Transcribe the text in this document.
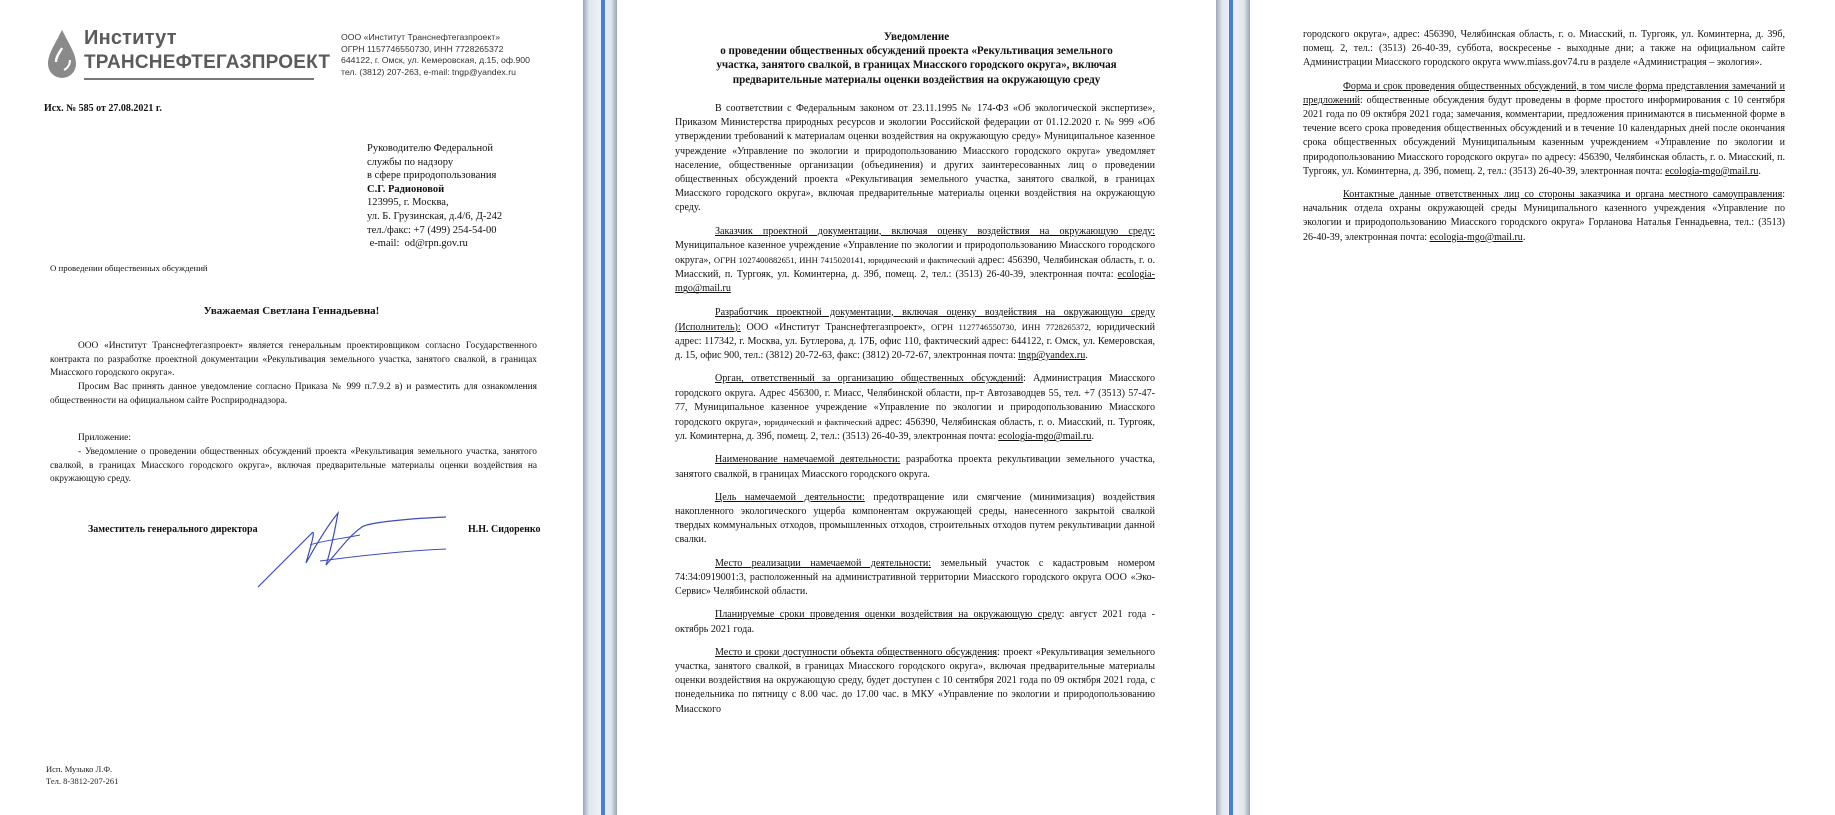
Институт
ТРАНСНЕФТЕГАЗПРОЕКТ
ООО «Институт Транснефтегазпроект»
ОГРН 1157746550730, ИНН 7728265372
644122, г. Омск, ул. Кемеровская, д.15, оф.900
тел. (3812) 207-263, e-mail: tngp@yandex.ru
Исх. № 585 от 27.08.2021 г.
Руководителю Федеральной
службы по надзору
в сфере природопользования
С.Г. Радионовой
123995, г. Москва,
ул. Б. Грузинская, д.4/6, Д-242
тел./факс: +7 (499) 254-54-00
e-mail:  od@rpn.gov.ru
О проведении общественных обсуждений
Уважаемая Светлана Геннадьевна!
ООО «Институт Транснефтегазпроект» является генеральным проектировщиком согласно Государственного контракта по разработке проектной документации «Рекультивация земельного участка, занятого свалкой, в границах Миасского городского округа».
Просим Вас принять данное уведомление согласно Приказа № 999 п.7.9.2 в) и разместить для ознакомления общественности на официальном сайте Росприроднадзора.
Приложение:
- Уведомление о проведении общественных обсуждений проекта «Рекультивация земельного участка, занятого свалкой, в границах Миасского городского округа», включая предварительные материалы оценки воздействия на окружающую среду.
Заместитель генерального директора	Н.Н. Сидоренко
Исп. Музыко Л.Ф.
Тел. 8-3812-207-261
Уведомление
о проведении общественных обсуждений проекта «Рекультивация земельного
участка, занятого свалкой, в границах Миасского городского округа», включая
предварительные материалы оценки воздействия на окружающую среду

В соответствии с Федеральным законом от 23.11.1995 № 174-ФЗ «Об экологической экспертизе», Приказом Министерства природных ресурсов и экологии Российской федерации от 01.12.2020 г. № 999 «Об утверждении требований к материалам оценки воздействия на окружающую среду» Муниципальное казенное учреждение «Управление по экологии и природопользованию Миасского городского округа» уведомляет население, общественные организации (объединения) и других заинтересованных лиц о проведении общественных обсуждений проекта «Рекультивация земельного участка, занятого свалкой, в границах Миасского городского округа», включая предварительные материалы оценки воздействия на окружающую среду.

Заказчик проектной документации, включая оценку воздействия на окружающую среду: Муниципальное казенное учреждение «Управление по экологии и природопользованию Миасского городского округа», ОГРН 1027400882651, ИНН 7415020141, юридический и фактический адрес: 456390, Челябинская область, г. о. Миасский, п. Тургояк, ул. Коминтерна, д. 39б, помещ. 2, тел.: (3513) 26-40-39, электронная почта: ecologia-mgo@mail.ru

Разработчик проектной документации, включая оценку воздействия на окружающую среду (Исполнитель): ООО «Институт Транснефтегазпроект», ОГРН 1127746550730, ИНН 7728265372, юридический адрес: 117342, г. Москва, ул. Бутлерова, д. 17Б, офис 110, фактический адрес: 644122, г. Омск, ул. Кемеровская, д. 15, офис 900, тел.: (3812) 20-72-63, факс: (3812) 20-72-67, электронная почта: tngp@yandex.ru.

Орган, ответственный за организацию общественных обсуждений: Администрация Миасского городского округа. Адрес 456300, г. Миасс, Челябинской области, пр-т Автозаводцев 55, тел. +7 (3513) 57-47-77, Муниципальное казенное учреждение «Управление по экологии и природопользованию Миасского городского округа», юридический и фактический адрес: 456390, Челябинская область, г. о. Миасский, п. Тургояк, ул. Коминтерна, д. 39б, помещ. 2, тел.: (3513) 26-40-39, электронная почта: ecologia-mgo@mail.ru.

Наименование намечаемой деятельности: разработка проекта рекультивации земельного участка, занятого свалкой, в границах Миасского городского округа.

Цель намечаемой деятельности: предотвращение или смягчение (минимизация) воздействия накопленного экологического ущерба компонентам окружающей среды, нанесенного закрытой свалкой твердых коммунальных отходов, промышленных отходов, строительных отходов путем рекультивации данной свалки.

Место реализации намечаемой деятельности: земельный участок с кадастровым номером 74:34:0919001:3, расположенный на административной территории Миасского городского округа ООО «Эко-Сервис» Челябинской области.

Планируемые сроки проведения оценки воздействия на окружающую среду: август 2021 года - октябрь 2021 года.

Место и сроки доступности объекта общественного обсуждения: проект «Рекультивация земельного участка, занятого свалкой, в границах Миасского городского округа», включая предварительные материалы оценки воздействия на окружающую среду, будет доступен с 10 сентября 2021 года по 09 октября 2021 года, с понедельника по пятницу с 8.00 час. до 17.00 час. в МКУ «Управление по экологии и природопользованию Миасского

городского округа», адрес: 456390, Челябинская область, г. о. Миасский, п. Тургояк, ул. Коминтерна, д. 39б, помещ. 2, тел.: (3513) 26-40-39, суббота, воскресенье - выходные дни; а также на официальном сайте Администрации Миасского городского округа www.miass.gov74.ru в разделе «Администрация – экология».

Форма и срок проведения общественных обсуждений, в том числе форма представления замечаний и предложений: общественные обсуждения будут проведены в форме простого информирования с 10 сентября 2021 года по 09 октября 2021 года; замечания, комментарии, предложения принимаются в письменной форме в течение всего срока проведения общественных обсуждений и в течение 10 календарных дней после окончания срока общественных обсуждений Муниципальным казенным учреждением «Управление по экологии и природопользованию Миасского городского округа» по адресу: 456390, Челябинская область, г. о. Миасский, п. Тургояк, ул. Коминтерна, д. 39б, помещ. 2, тел.: (3513) 26-40-39, электронная почта: ecologia-mgo@mail.ru.

Контактные данные ответственных лиц со стороны заказчика и органа местного самоуправления: начальник отдела охраны окружающей среды Муниципального казенного учреждения «Управление по экологии и природопользованию Миасского городского округа» Горланова Наталья Геннадьевна, тел.: (3513) 26-40-39, электронная почта: ecologia-mgo@mail.ru.
